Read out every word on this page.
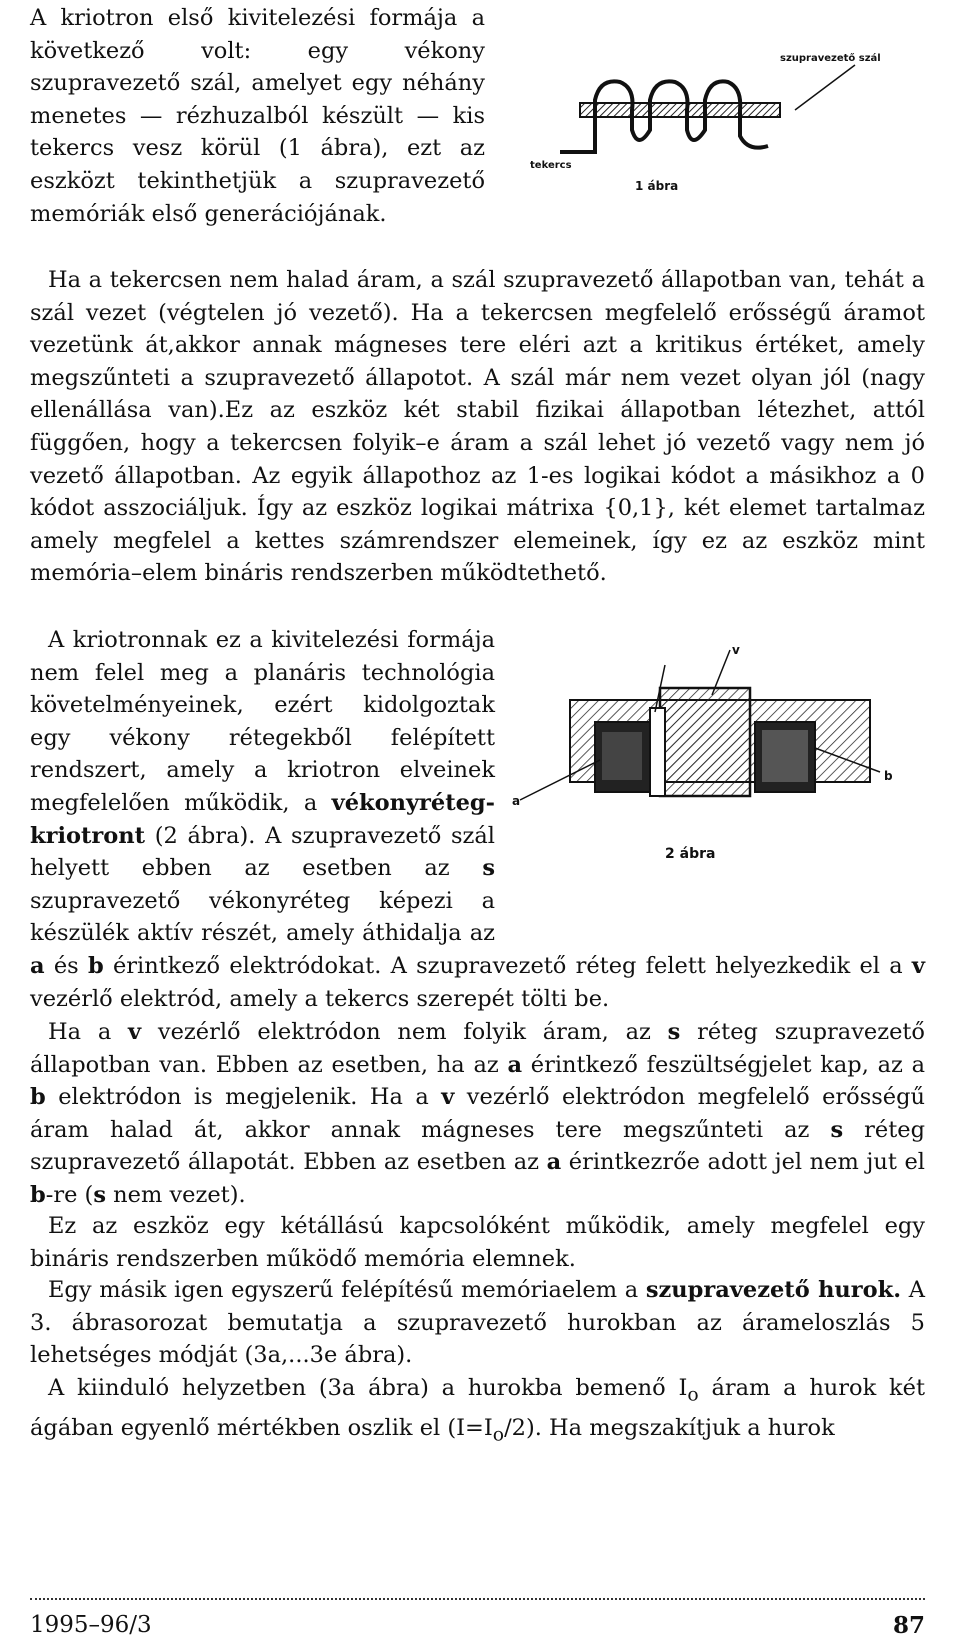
A kriotron első kivitelezési formája a következő volt: egy vékony szupravezető szál, amelyet egy néhány menetes — rézhuzalból készült — kis tekercs vesz körül (1 ábra), ezt az eszközt tekinthetjük a szupravezető memóriák első generációjának.

szupravezető szál
tekercs
1 ábra

Ha a tekercsen nem halad áram, a szál szupravezető állapotban van, tehát a szál vezet (végtelen jó vezető). Ha a tekercsen megfelelő erősségű áramot vezetünk át,akkor annak mágneses tere eléri azt a kritikus értéket, amely megszűnteti a szupravezető állapotot. A szál már nem vezet olyan jól (nagy ellenállása van).Ez az eszköz két stabil fizikai állapotban létezhet, attól függően, hogy a tekercsen folyik–e áram a szál lehet jó vezető vagy nem jó vezető állapotban. Az egyik állapothoz az 1-es logikai kódot a másikhoz a 0 kódot asszociáljuk. Így az eszköz logikai mátrixa {0,1}, két elemet tartalmaz amely megfelel a kettes számrendszer elemeinek, így ez az eszköz mint memória–elem bináris rendszerben működtethető.

A kriotronnak ez a kivitelezési formája nem felel meg a planáris technológia követelményeinek, ezért kidolgoztak egy vékony rétegekből felépített rendszert, amely a kriotron elveinek megfelelően működik, a vékonyréteg-kriotront (2 ábra). A szupravezető szál helyett ebben az esetben az s szupravezető vékonyréteg képezi a készülék aktív részét, amely áthidalja az a és b érintkező elektródokat. A szupravezető réteg felett helyezkedik el a v vezérlő elektród, amely a tekercs szerepét tölti be.

v
a
b
2 ábra

Ha a v vezérlő elektródon nem folyik áram, az s réteg szupravezető állapotban van. Ebben az esetben, ha az a érintkező feszültségjelet kap, az a b elektródon is megjelenik. Ha a v vezérlő elektródon megfelelő erősségű áram halad át, akkor annak mágneses tere megszűnteti az s réteg szupravezető állapotát. Ebben az esetben az a érintkezrőe adott jel nem jut el b-re (s nem vezet).

Ez az eszköz egy kétállású kapcsolóként működik, amely megfelel egy bináris rendszerben működő memória elemnek.

Egy másik igen egyszerű felépítésű memóriaelem a szupravezető hurok. A 3. ábrasorozat bemutatja a szupravezető hurokban az árameloszlás 5 lehetséges módját (3a,...3e ábra).

A kiinduló helyzetben (3a ábra) a hurokba bemenő $I_o$ áram a hurok két ágában egyenlő mértékben oszlik el $(I=I_o/2)$. Ha megszakítjuk a hurok

1995–96/3	87
